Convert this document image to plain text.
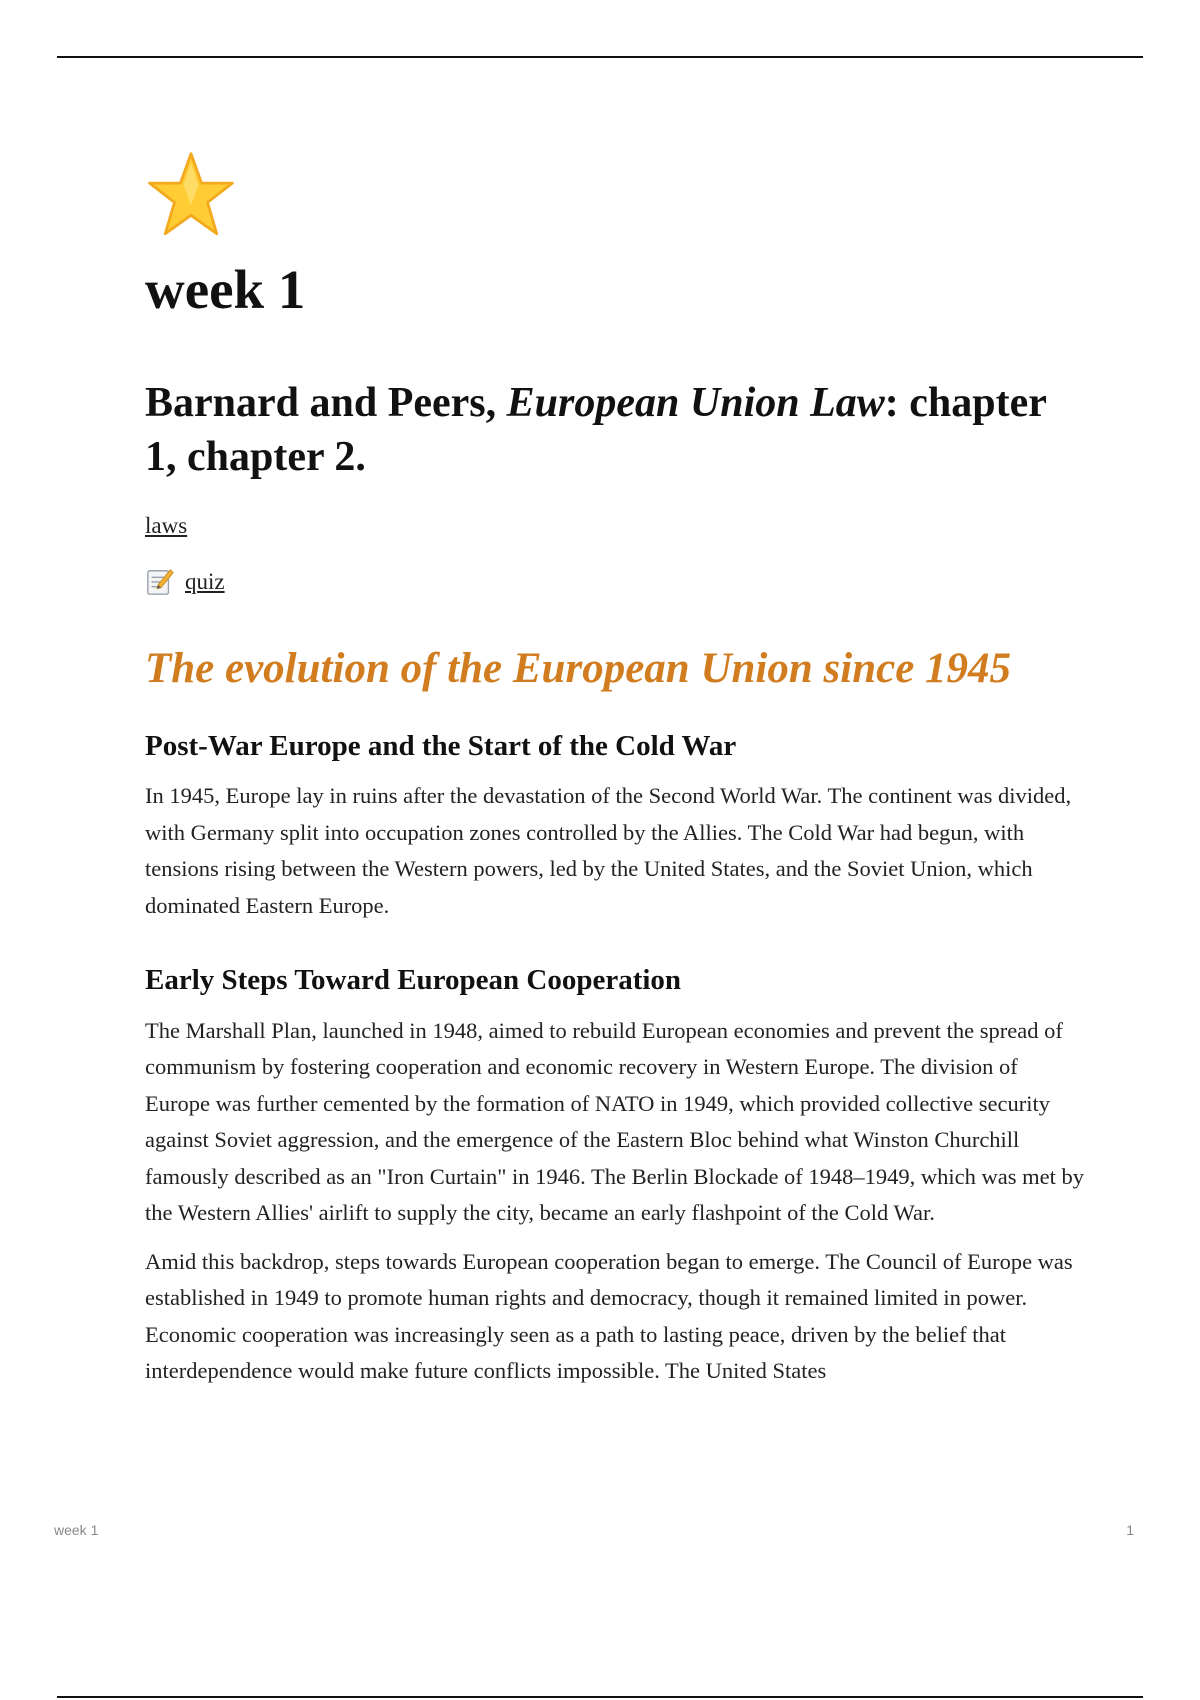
week 1
Barnard and Peers, European Union Law: chapter 1, chapter 2.
laws
quiz
The evolution of the European Union since 1945
Post-War Europe and the Start of the Cold War

In 1945, Europe lay in ruins after the devastation of the Second World War. The continent was divided, with Germany split into occupation zones controlled by the Allies. The Cold War had begun, with tensions rising between the Western powers, led by the United States, and the Soviet Union, which dominated Eastern Europe.

Early Steps Toward European Cooperation

The Marshall Plan, launched in 1948, aimed to rebuild European economies and prevent the spread of communism by fostering cooperation and economic recovery in Western Europe. The division of Europe was further cemented by the formation of NATO in 1949, which provided collective security against Soviet aggression, and the emergence of the Eastern Bloc behind what Winston Churchill famously described as an "Iron Curtain" in 1946. The Berlin Blockade of 1948–1949, which was met by the Western Allies' airlift to supply the city, became an early flashpoint of the Cold War.

Amid this backdrop, steps towards European cooperation began to emerge. The Council of Europe was established in 1949 to promote human rights and democracy, though it remained limited in power. Economic cooperation was increasingly seen as a path to lasting peace, driven by the belief that interdependence would make future conflicts impossible. The United States

week 1	1
